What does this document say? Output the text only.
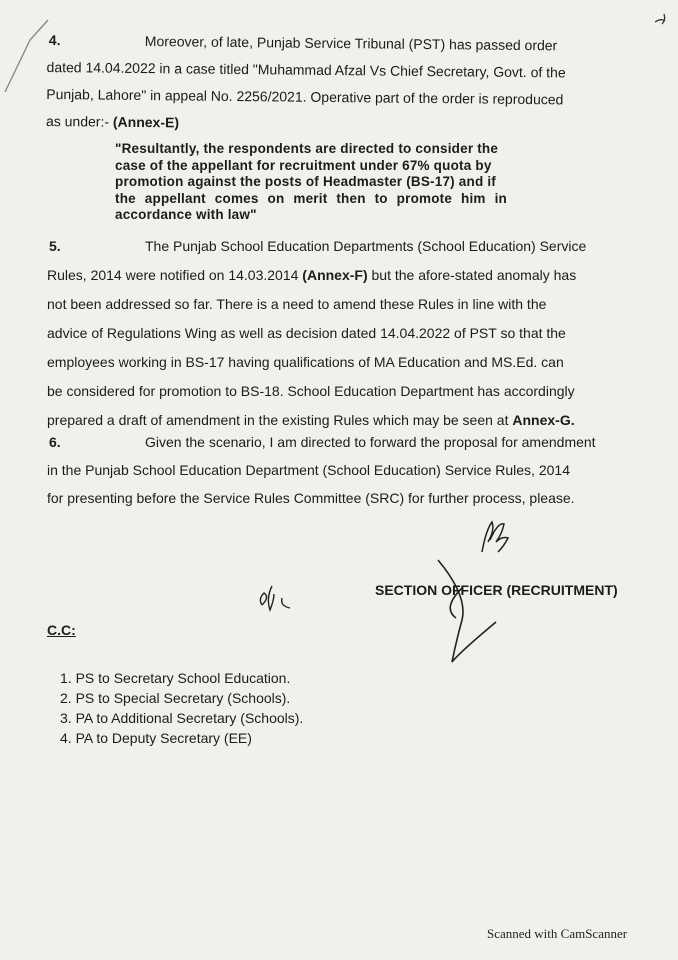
4.	Moreover, of late, Punjab Service Tribunal (PST) has passed order
dated 14.04.2022 in a case titled "Muhammad Afzal Vs Chief Secretary, Govt. of the
Punjab, Lahore" in appeal No. 2256/2021. Operative part of the order is reproduced
as under:- (Annex-E)
"Resultantly, the respondents are directed to consider the
case of the appellant for recruitment under 67% quota by
promotion against the posts of Headmaster (BS-17) and if
the appellant comes on merit then to promote him in
accordance with law"
5.	The Punjab School Education Departments (School Education) Service
Rules, 2014 were notified on 14.03.2014 (Annex-F) but the afore-stated anomaly has
not been addressed so far. There is a need to amend these Rules in line with the
advice of Regulations Wing as well as decision dated 14.04.2022 of PST so that the
employees working in BS-17 having qualifications of MA Education and MS.Ed. can
be considered for promotion to BS-18. School Education Department has accordingly
prepared a draft of amendment in the existing Rules which may be seen at Annex-G.
6.	Given the scenario, I am directed to forward the proposal for amendment
in the Punjab School Education Department (School Education) Service Rules, 2014
for presenting before the Service Rules Committee (SRC) for further process, please.
SECTION OFFICER (RECRUITMENT)
C.C:
1. PS to Secretary School Education.
2. PS to Special Secretary (Schools).
3. PA to Additional Secretary (Schools).
4. PA to Deputy Secretary (EE)
Scanned with CamScanner
